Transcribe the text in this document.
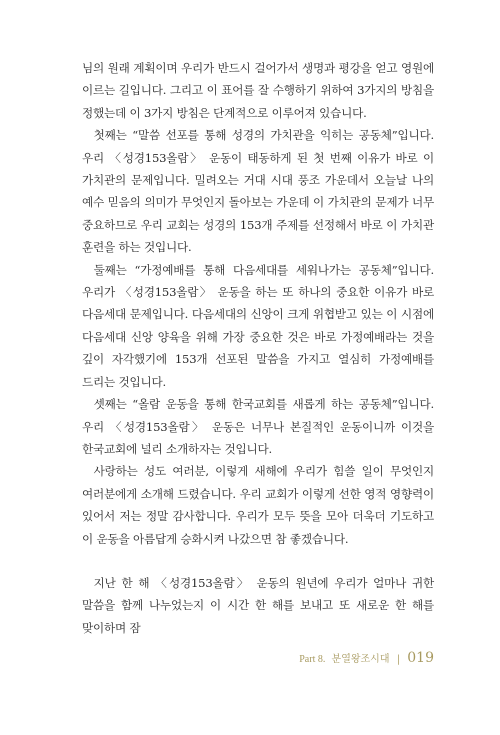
님의 원래 계획이며 우리가 반드시 걸어가서 생명과 평강을 얻고 영원에 이르는 길입니다. 그리고 이 표어를 잘 수행하기 위하여 3가지의 방침을 정했는데 이 3가지 방침은 단계적으로 이루어져 있습니다.

첫째는 “말씀 선포를 통해 성경의 가치관을 익히는 공동체”입니다. 우리 〈성경153올람〉 운동이 태동하게 된 첫 번째 이유가 바로 이 가치관의 문제입니다. 밀려오는 거대 시대 풍조 가운데서 오늘날 나의 예수 믿음의 의미가 무엇인지 돌아보는 가운데 이 가치관의 문제가 너무 중요하므로 우리 교회는 성경의 153개 주제를 선정해서 바로 이 가치관 훈련을 하는 것입니다.

둘째는 “가정예배를 통해 다음세대를 세워나가는 공동체”입니다. 우리가 〈성경153올람〉 운동을 하는 또 하나의 중요한 이유가 바로 다음세대 문제입니다. 다음세대의 신앙이 크게 위협받고 있는 이 시점에 다음세대 신앙 양육을 위해 가장 중요한 것은 바로 가정예배라는 것을 깊이 자각했기에 153개 선포된 말씀을 가지고 열심히 가정예배를 드리는 것입니다.

셋째는 “올람 운동을 통해 한국교회를 새롭게 하는 공동체”입니다. 우리 〈성경153올람〉 운동은 너무나 본질적인 운동이니까 이것을 한국교회에 널리 소개하자는 것입니다.

사랑하는 성도 여러분, 이렇게 새해에 우리가 힘쓸 일이 무엇인지 여러분에게 소개해 드렸습니다. 우리 교회가 이렇게 선한 영적 영향력이 있어서 저는 정말 감사합니다. 우리가 모두 뜻을 모아 더욱더 기도하고 이 운동을 아름답게 승화시켜 나갔으면 참 좋겠습니다.

지난 한 해 〈성경153올람〉 운동의 원년에 우리가 얼마나 귀한 말씀을 함께 나누었는지 이 시간 한 해를 보내고 또 새로운 한 해를 맞이하며 잠

Part 8. 분열왕조시대 | 019
